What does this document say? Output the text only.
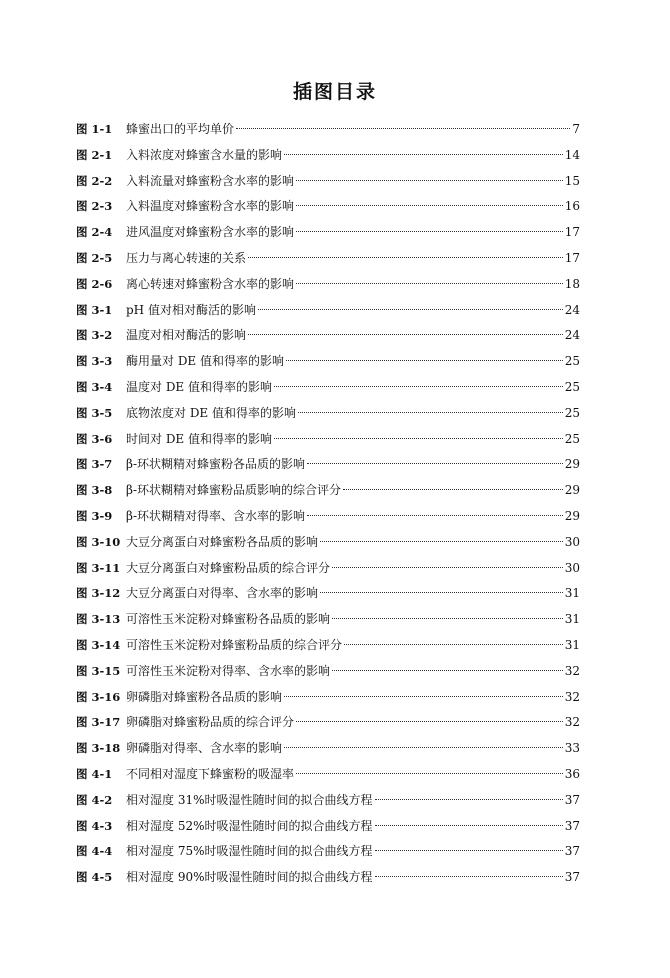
插图目录
图 1-1	蜂蜜出口的平均单价	7
图 2-1	入料浓度对蜂蜜含水量的影响	14
图 2-2	入料流量对蜂蜜粉含水率的影响	15
图 2-3	入料温度对蜂蜜粉含水率的影响	16
图 2-4	进风温度对蜂蜜粉含水率的影响	17
图 2-5	压力与离心转速的关系	17
图 2-6	离心转速对蜂蜜粉含水率的影响	18
图 3-1	pH 值对相对酶活的影响	24
图 3-2	温度对相对酶活的影响	24
图 3-3	酶用量对 DE 值和得率的影响	25
图 3-4	温度对 DE 值和得率的影响	25
图 3-5	底物浓度对 DE 值和得率的影响	25
图 3-6	时间对 DE 值和得率的影响	25
图 3-7	β-环状糊精对蜂蜜粉各品质的影响	29
图 3-8	β-环状糊精对蜂蜜粉品质影响的综合评分	29
图 3-9	β-环状糊精对得率、含水率的影响	29
图 3-10 大豆分离蛋白对蜂蜜粉各品质的影响	30
图 3-11 大豆分离蛋白对蜂蜜粉品质的综合评分	30
图 3-12 大豆分离蛋白对得率、含水率的影响	31
图 3-13 可溶性玉米淀粉对蜂蜜粉各品质的影响	31
图 3-14 可溶性玉米淀粉对蜂蜜粉品质的综合评分	31
图 3-15 可溶性玉米淀粉对得率、含水率的影响	32
图 3-16 卵磷脂对蜂蜜粉各品质的影响	32
图 3-17 卵磷脂对蜂蜜粉品质的综合评分	32
图 3-18 卵磷脂对得率、含水率的影响	33
图 4-1	不同相对湿度下蜂蜜粉的吸湿率	36
图 4-2	相对湿度 31%时吸湿性随时间的拟合曲线方程	37
图 4-3	相对湿度 52%时吸湿性随时间的拟合曲线方程	37
图 4-4	相对湿度 75%时吸湿性随时间的拟合曲线方程	37
图 4-5	相对湿度 90%时吸湿性随时间的拟合曲线方程	37
